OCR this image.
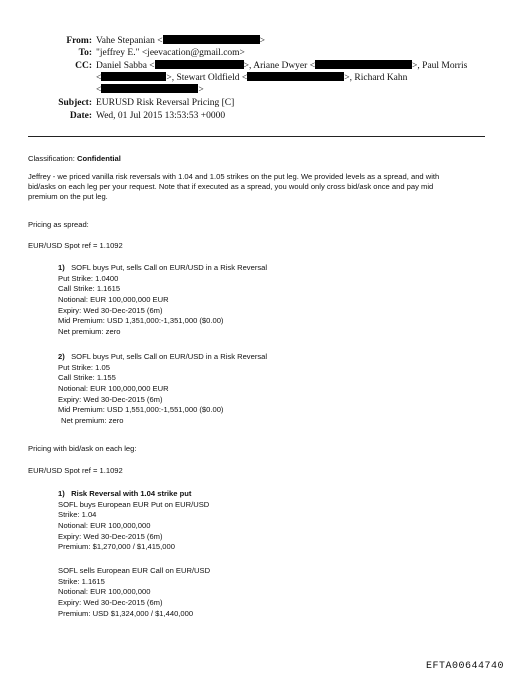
From: Vahe Stepanian <	>
To: "jeffrey E." <jeevacation@gmail.com>
CC: Daniel Sabba <	>, Ariane Dwyer <	>, Paul Morris
<	>, Stewart Oldfield <	>, Richard Kahn
<	>
Subject: EURUSD Risk Reversal Pricing [C]
Date: Wed, 01 Jul 2015 13:53:53 +0000
Classification: Confidential
Jeffrey - we priced vanilla risk reversals with 1.04 and 1.05 strikes on the put leg. We provided levels as a spread, and with
bid/asks on each leg per your request. Note that if executed as a spread, you would only cross bid/ask once and pay mid
premium on the put leg.
Pricing as spread:
EUR/USD Spot ref = 1.1092
1) SOFL buys Put, sells Call on EUR/USD in a Risk Reversal
Put Strike: 1.0400
Call Strike: 1.1615
Notional: EUR 100,000,000 EUR
Expiry: Wed 30-Dec-2015 (6m)
Mid Premium: USD 1,351,000:-1,351,000 ($0.00)
Net premium: zero
2) SOFL buys Put, sells Call on EUR/USD in a Risk Reversal
Put Strike: 1.05
Call Strike: 1.155
Notional: EUR 100,000,000 EUR
Expiry: Wed 30-Dec-2015 (6m)
Mid Premium: USD 1,551,000:-1,551,000 ($0.00)
Net premium: zero
Pricing with bid/ask on each leg:
EUR/USD Spot ref = 1.1092
1) Risk Reversal with 1.04 strike put
SOFL buys European EUR Put on EUR/USD
Strike: 1.04
Notional: EUR 100,000,000
Expiry: Wed 30-Dec-2015 (6m)
Premium: $1,270,000 / $1,415,000
SOFL sells European EUR Call on EUR/USD
Strike: 1.1615
Notional: EUR 100,000,000
Expiry: Wed 30-Dec-2015 (6m)
Premium: USD $1,324,000 / $1,440,000
EFTA00644740
